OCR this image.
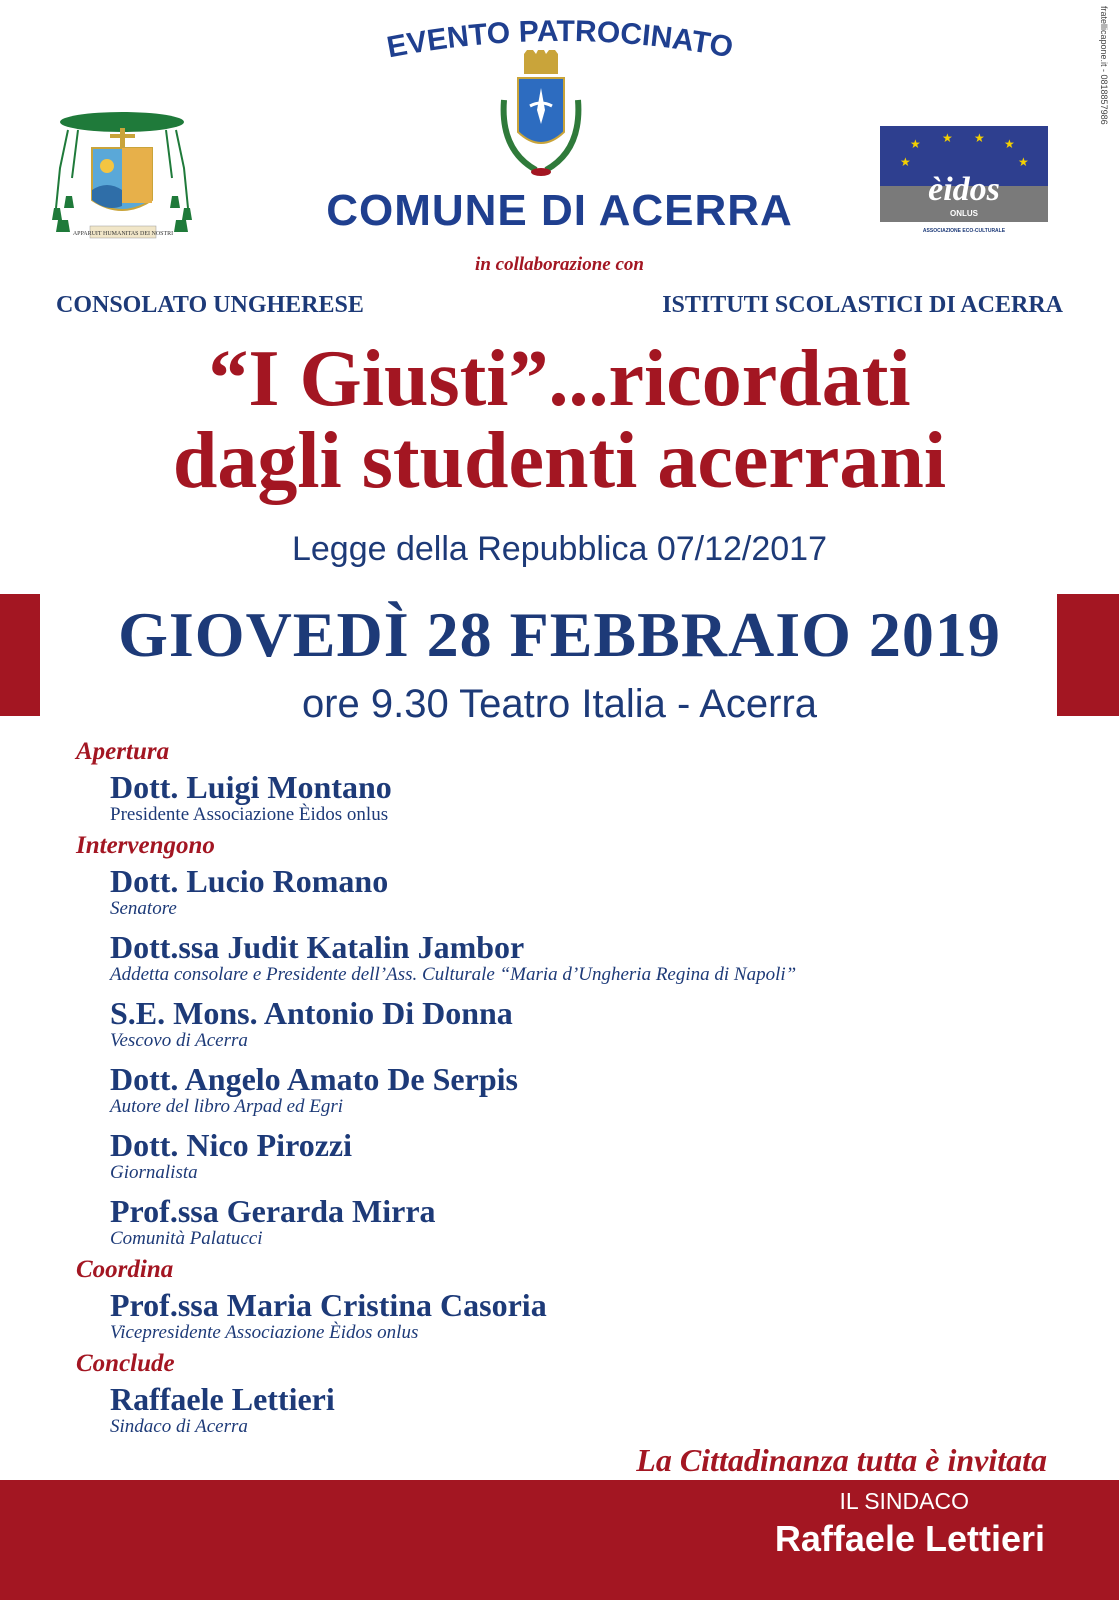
fratellicapone.it - 0818857986
EVENTO PATROCINATO
APPARUIT HUMANITAS DEI NOSTRI
★ ★ ★ ★
★	★
èidos
ONLUS
ASSOCIAZIONE ECO-CULTURALE
COMUNE DI ACERRA
in collaborazione con
CONSOLATO UNGHERESE	ISTITUTI SCOLASTICI DI ACERRA
“I Giusti”...ricordati
dagli studenti acerrani
Legge della Repubblica 07/12/2017
GIOVEDÌ 28 FEBBRAIO 2019
ore 9.30 Teatro Italia - Acerra
Apertura
Dott. Luigi Montano
Presidente Associazione Èidos onlus
Intervengono
Dott. Lucio Romano
Senatore
Dott.ssa Judit Katalin Jambor
Addetta consolare e Presidente dell’Ass. Culturale “Maria d’Ungheria Regina di Napoli”
S.E. Mons. Antonio Di Donna
Vescovo di Acerra
Dott. Angelo Amato De Serpis
Autore del libro Arpad ed Egri
Dott. Nico Pirozzi
Giornalista
Prof.ssa Gerarda Mirra
Comunità Palatucci
Coordina
Prof.ssa Maria Cristina Casoria
Vicepresidente Associazione Èidos onlus
Conclude
Raffaele Lettieri
Sindaco di Acerra
La Cittadinanza tutta è invitata
IL SINDACO
Raffaele Lettieri
